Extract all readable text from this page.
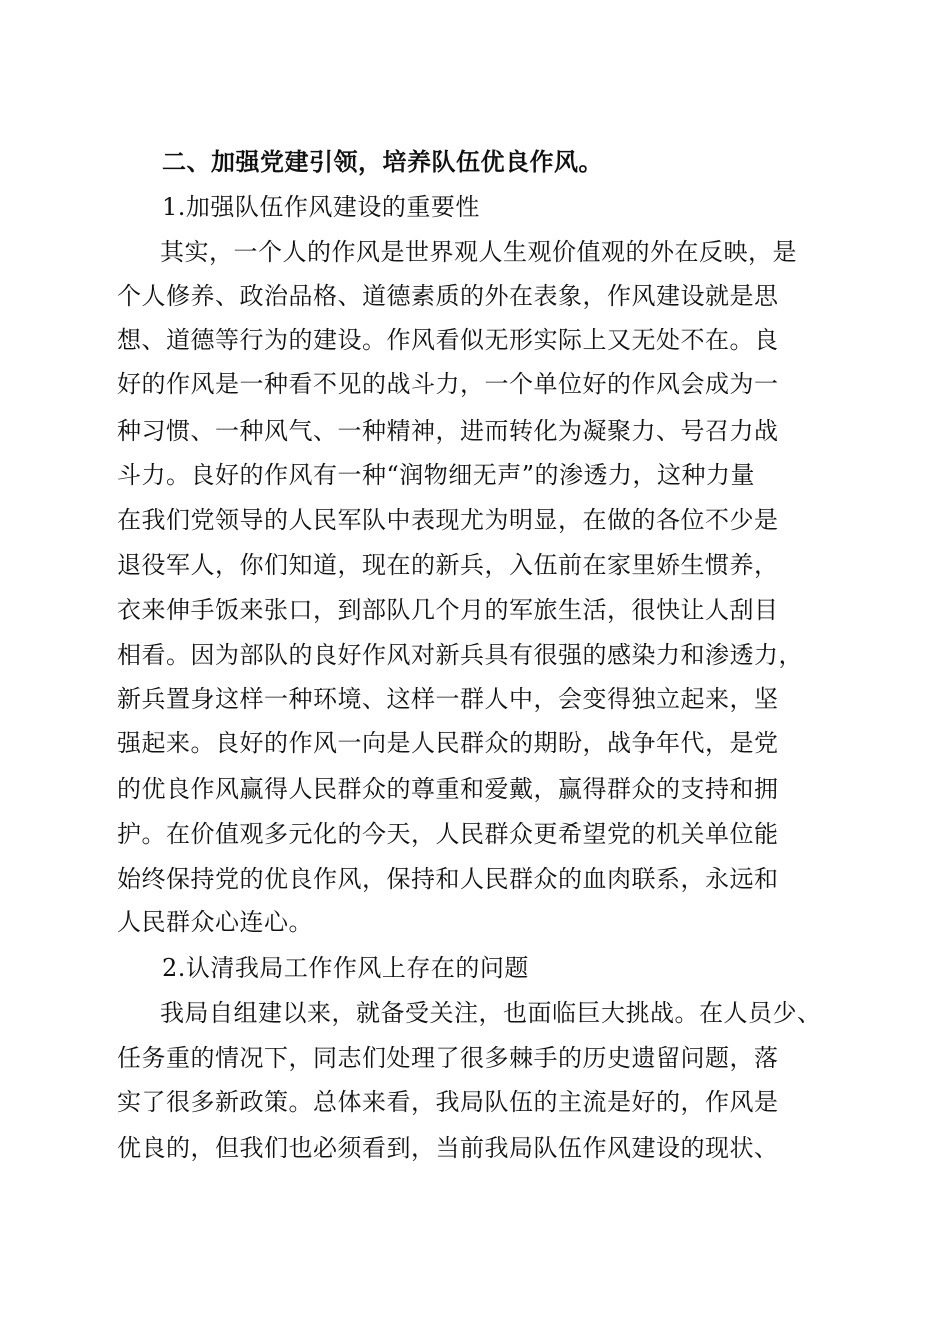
二、加强党建引领，培养队伍优良作风。
1.加强队伍作风建设的重要性
其实，一个人的作风是世界观人生观价值观的外在反映，是
个人修养、政治品格、道德素质的外在表象，作风建设就是思
想、道德等行为的建设。作风看似无形实际上又无处不在。良
好的作风是一种看不见的战斗力，一个单位好的作风会成为一
种习惯、一种风气、一种精神，进而转化为凝聚力、号召力战
斗力。良好的作风有一种“润物细无声”的渗透力，这种力量
在我们党领导的人民军队中表现尤为明显，在做的各位不少是
退役军人，你们知道，现在的新兵，入伍前在家里娇生惯养，
衣来伸手饭来张口，到部队几个月的军旅生活，很快让人刮目
相看。因为部队的良好作风对新兵具有很强的感染力和渗透力，
新兵置身这样一种环境、这样一群人中，会变得独立起来，坚
强起来。良好的作风一向是人民群众的期盼，战争年代，是党
的优良作风赢得人民群众的尊重和爱戴，赢得群众的支持和拥
护。在价值观多元化的今天，人民群众更希望党的机关单位能
始终保持党的优良作风，保持和人民群众的血肉联系，永远和
人民群众心连心。
2.认清我局工作作风上存在的问题
我局自组建以来，就备受关注，也面临巨大挑战。在人员少、
任务重的情况下，同志们处理了很多棘手的历史遗留问题，落
实了很多新政策。总体来看，我局队伍的主流是好的，作风是
优良的，但我们也必须看到，当前我局队伍作风建设的现状、
